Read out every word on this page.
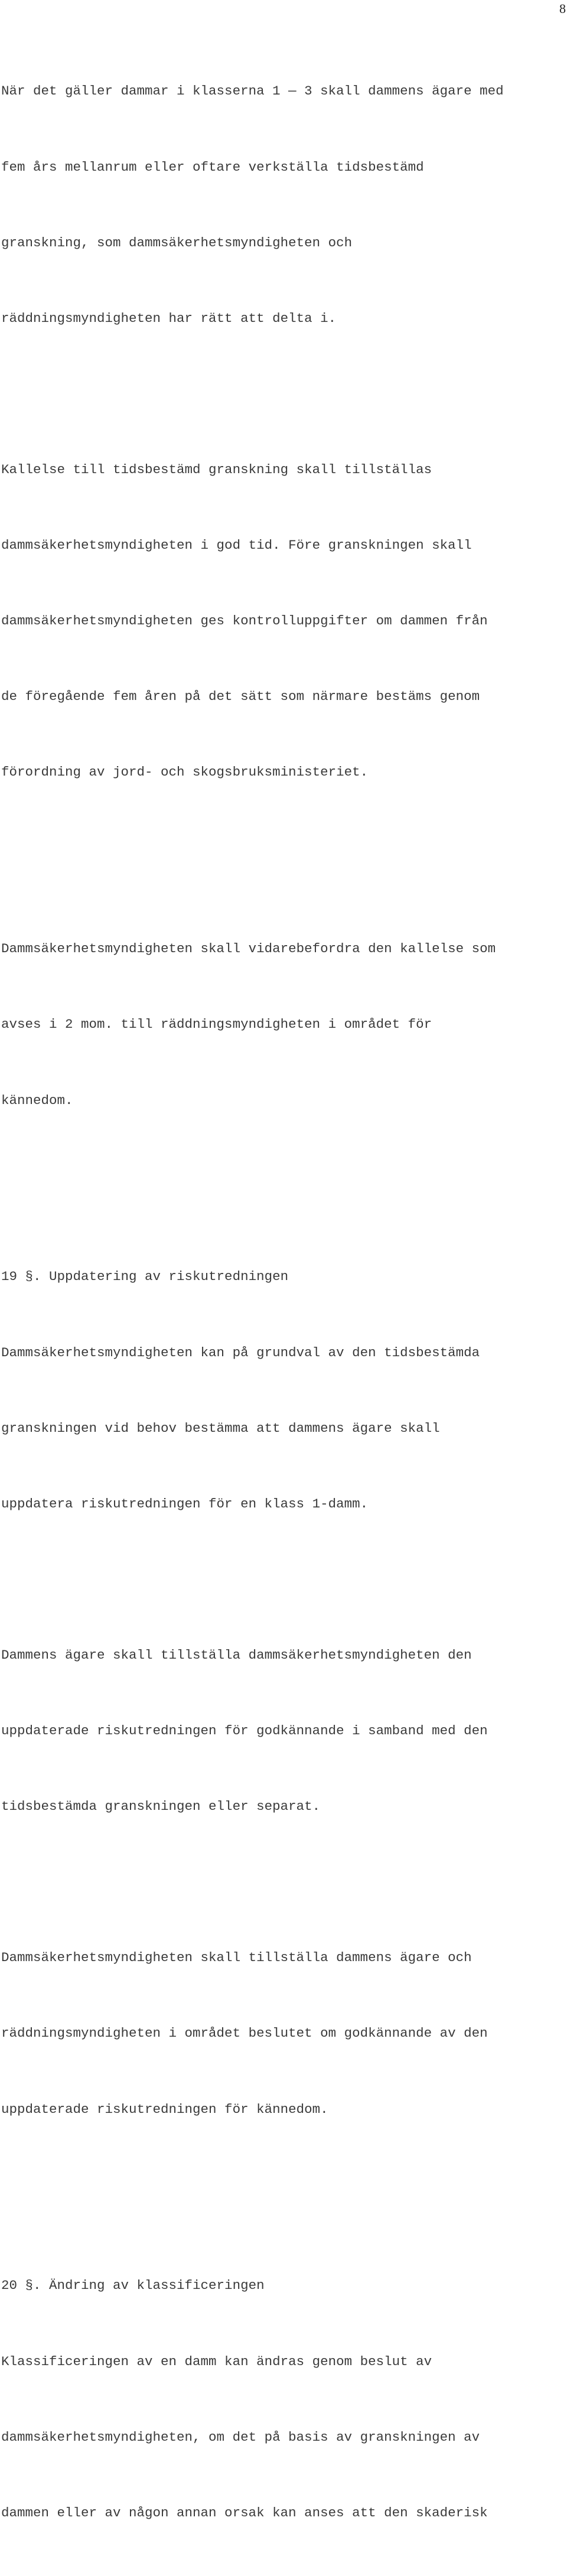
8

När det gäller dammar i klasserna 1 — 3 skall dammens ägare med

fem års mellanrum eller oftare verkställa tidsbestämd

granskning, som dammsäkerhetsmyndigheten och

räddningsmyndigheten har rätt att delta i.

Kallelse till tidsbestämd granskning skall tillställas

dammsäkerhetsmyndigheten i god tid. Före granskningen skall

dammsäkerhetsmyndigheten ges kontrolluppgifter om dammen från

de föregående fem åren på det sätt som närmare bestäms genom

förordning av jord- och skogsbruksministeriet.

Dammsäkerhetsmyndigheten skall vidarebefordra den kallelse som

avses i 2 mom. till räddningsmyndigheten i området för

kännedom.

19 §. Uppdatering av riskutredningen

Dammsäkerhetsmyndigheten kan på grundval av den tidsbestämda

granskningen vid behov bestämma att dammens ägare skall

uppdatera riskutredningen för en klass 1-damm.

Dammens ägare skall tillställa dammsäkerhetsmyndigheten den

uppdaterade riskutredningen för godkännande i samband med den

tidsbestämda granskningen eller separat.

Dammsäkerhetsmyndigheten skall tillställa dammens ägare och

räddningsmyndigheten i området beslutet om godkännande av den

uppdaterade riskutredningen för kännedom.

20 §. Ändring av klassificeringen

Klassificeringen av en damm kan ändras genom beslut av

dammsäkerhetsmyndigheten, om det på basis av granskningen av

dammen eller av någon annan orsak kan anses att den skaderisk
